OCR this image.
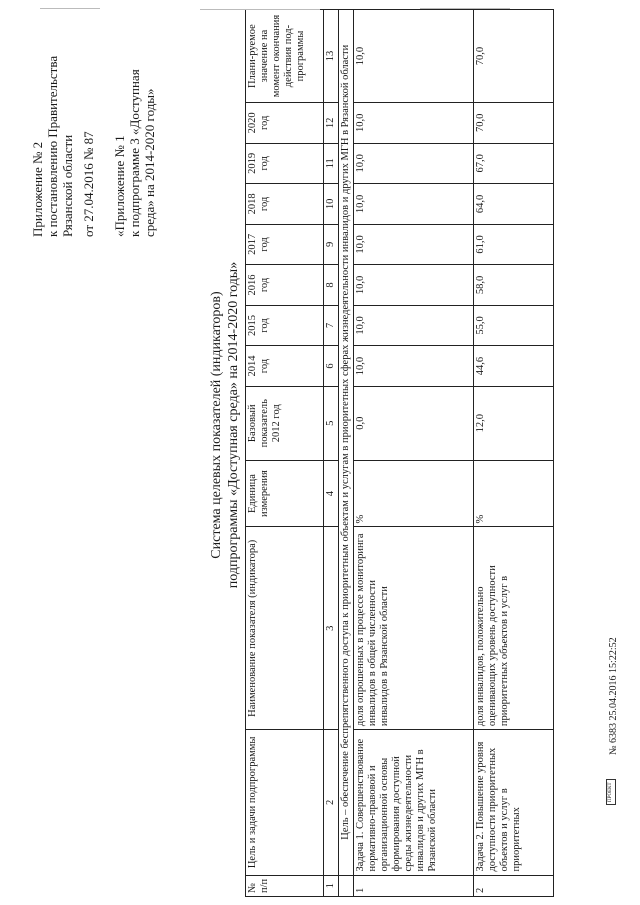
Приложение № 2 к постановлению Правительства Рязанской области от 27.04.2016 № 87 «Приложение № 1 к подпрограмме 3 «Доступная среда» на 2014-2020 годы»
Система целевых показателей (индикаторов) подпрограммы «Доступная среда» на 2014-2020 годы»
№ п/п	Цель и задачи подпрограммы	Наименование показателя (индикатора)	Единица измерения	Базовый показатель 2012 год	2014 год	2015 год	2016 год	2017 год	2018 год	2019 год	2020 год	Плани-руемое значение на момент окончания действия под-программы
1	2	3	4	5	6	7	8	9	10	11	12	13
	Цель – обеспечение беспрепятственного доступа к приоритетным объектам и услугам в приоритетных сферах жизнедеятельности инвалидов и других МГН в Рязанской области											
1	Задача 1. Совершенствование нормативно-правовой и организационной основы формирования доступной среды жизнедеятельности инвалидов и других МГН в Рязанской области	доля опрошенных в процессе мониторинга инвалидов в общей численности инвалидов в Рязанской области	%	0,0	10,0	10,0	10,0	10,0	10,0	10,0	10,0	10,0
2	Задача 2. Повышение уровня доступности приоритетных объектов и услуг в приоритетных	доля инвалидов, положительно оценивающих уровень доступности приоритетных объектов и услуг в	%	12,0	44,6	55,0	58,0	61,0	64,0	67,0	70,0	70,0
№ 6383 25.04.2016 15:22:52
ПРОЕКТ
